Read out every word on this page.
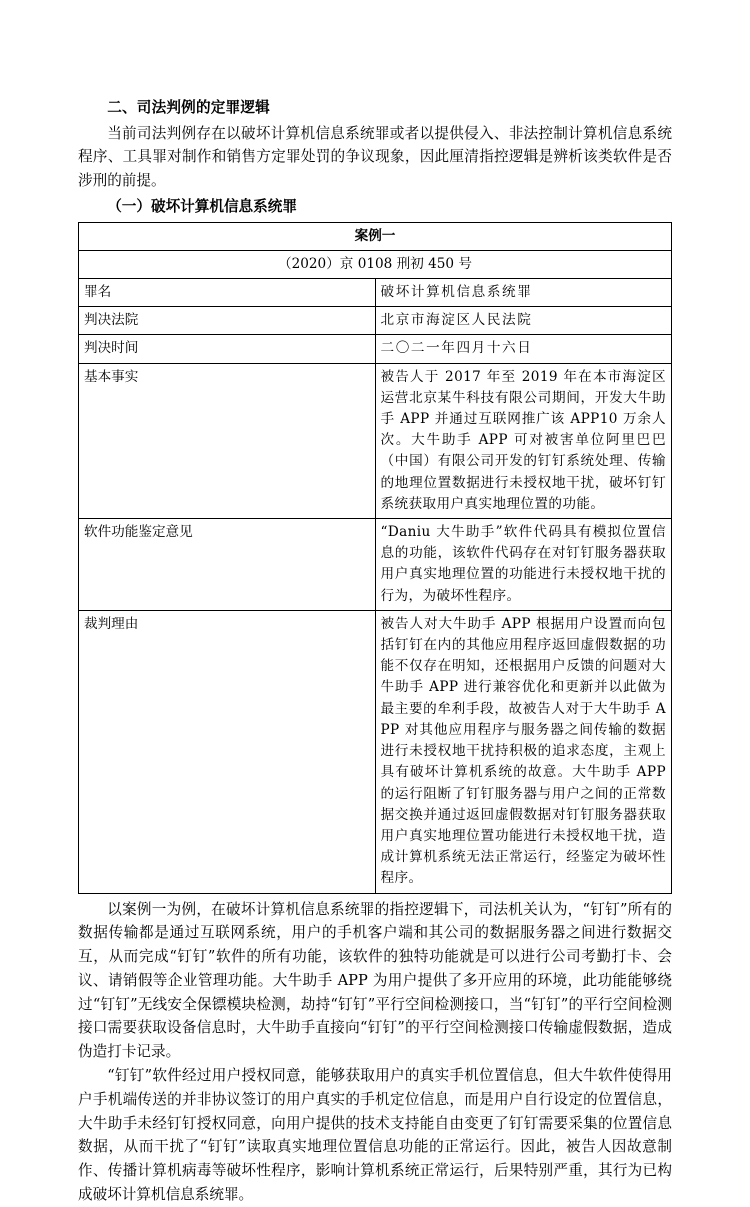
二、司法判例的定罪逻辑

当前司法判例存在以破坏计算机信息系统罪或者以提供侵入、非法控制计算机信息系统程序、工具罪对制作和销售方定罪处罚的争议现象，因此厘清指控逻辑是辨析该类软件是否涉刑的前提。

（一）破坏计算机信息系统罪

案例一	
（2020）京 0108 刑初 450 号	
罪名	破坏计算机信息系统罪
判决法院	北京市海淀区人民法院
判决时间	二〇二一年四月十六日
基本事实	被告人于 2017 年至 2019 年在本市海淀区运营北京某牛科技有限公司期间，开发大牛助手 APP 并通过互联网推广该 APP10 万余人次。大牛助手 APP 可对被害单位阿里巴巴（中国）有限公司开发的钉钉系统处理、传输的地理位置数据进行未授权地干扰，破坏钉钉系统获取用户真实地理位置的功能。
软件功能鉴定意见	“Daniu 大牛助手”软件代码具有模拟位置信息的功能，该软件代码存在对钉钉服务器获取用户真实地理位置的功能进行未授权地干扰的行为，为破坏性程序。
裁判理由	被告人对大牛助手 APP 根据用户设置而向包括钉钉在内的其他应用程序返回虚假数据的功能不仅存在明知，还根据用户反馈的问题对大牛助手 APP 进行兼容优化和更新并以此做为最主要的牟利手段，故被告人对于大牛助手 APP 对其他应用程序与服务器之间传输的数据进行未授权地干扰持积极的追求态度，主观上具有破坏计算机系统的故意。大牛助手 APP 的运行阻断了钉钉服务器与用户之间的正常数据交换并通过返回虚假数据对钉钉服务器获取用户真实地理位置功能进行未授权地干扰，造成计算机系统无法正常运行，经鉴定为破坏性程序。

以案例一为例，在破坏计算机信息系统罪的指控逻辑下，司法机关认为，“钉钉”所有的数据传输都是通过互联网系统，用户的手机客户端和其公司的数据服务器之间进行数据交互，从而完成“钉钉”软件的所有功能，该软件的独特功能就是可以进行公司考勤打卡、会议、请销假等企业管理功能。大牛助手 APP 为用户提供了多开应用的环境，此功能能够绕过“钉钉”无线安全保镖模块检测，劫持“钉钉”平行空间检测接口，当“钉钉”的平行空间检测接口需要获取设备信息时，大牛助手直接向“钉钉”的平行空间检测接口传输虚假数据，造成伪造打卡记录。

“钉钉”软件经过用户授权同意，能够获取用户的真实手机位置信息，但大牛软件使得用户手机端传送的并非协议签订的用户真实的手机定位信息，而是用户自行设定的位置信息，大牛助手未经钉钉授权同意，向用户提供的技术支持能自由变更了钉钉需要采集的位置信息数据，从而干扰了“钉钉”读取真实地理位置信息功能的正常运行。因此，被告人因故意制作、传播计算机病毒等破坏性程序，影响计算机系统正常运行，后果特别严重，其行为已构成破坏计算机信息系统罪。
